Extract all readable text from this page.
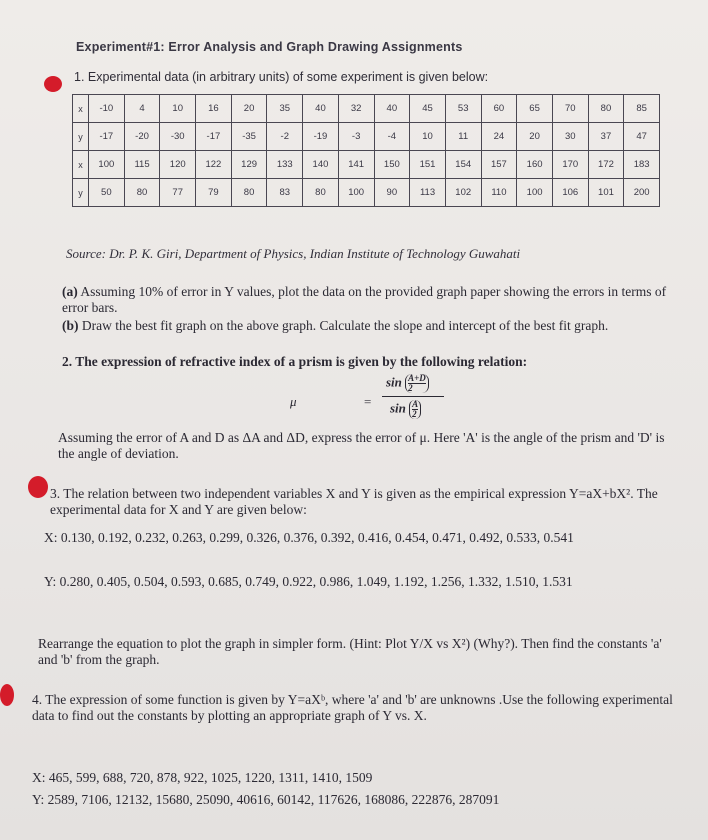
Experiment#1: Error Analysis and Graph Drawing Assignments
1. Experimental data (in arbitrary units) of some experiment is given below:
x	-10	4	10	16	20	35	40	32	40	45	53	60	65	70	80	85
y	-17	-20	-30	-17	-35	-2	-19	-3	-4	10	11	24	20	30	37	47
x	100	115	120	122	129	133	140	141	150	151	154	157	160	170	172	183
y	50	80	77	79	80	83	80	100	90	113	102	110	100	106	101	200
Source: Dr. P. K. Giri, Department of Physics, Indian Institute of Technology Guwahati
(a) Assuming 10% of error in Y values, plot the data on the provided graph paper showing the errors in terms of error bars.
(b) Draw the best fit graph on the above graph. Calculate the slope and intercept of the best fit graph.
2. The expression of refractive index of a prism is given by the following relation:
μ	=
$\sin \frac{A+D}{2}$
$\sin \frac{A}{2}$
Assuming the error of A and D as ΔA and ΔD, express the error of μ. Here 'A' is the angle of the prism and 'D' is the angle of deviation.
3. The relation between two independent variables X and Y is given as the empirical expression Y=aX+bX². The experimental data for X and Y are given below:
X: 0.130, 0.192, 0.232, 0.263, 0.299, 0.326, 0.376, 0.392, 0.416, 0.454, 0.471, 0.492, 0.533, 0.541
Y: 0.280, 0.405, 0.504, 0.593, 0.685, 0.749, 0.922, 0.986, 1.049, 1.192, 1.256, 1.332, 1.510, 1.531
Rearrange the equation to plot the graph in simpler form. (Hint: Plot Y/X vs X²) (Why?). Then find the constants 'a' and 'b' from the graph.
4. The expression of some function is given by Y=aXᵇ, where 'a' and 'b' are unknowns .Use the following experimental data to find out the constants by plotting an appropriate graph of Y vs. X.
X: 465, 599, 688, 720, 878, 922, 1025, 1220, 1311, 1410, 1509
Y: 2589, 7106, 12132, 15680, 25090, 40616, 60142, 117626, 168086, 222876, 287091
